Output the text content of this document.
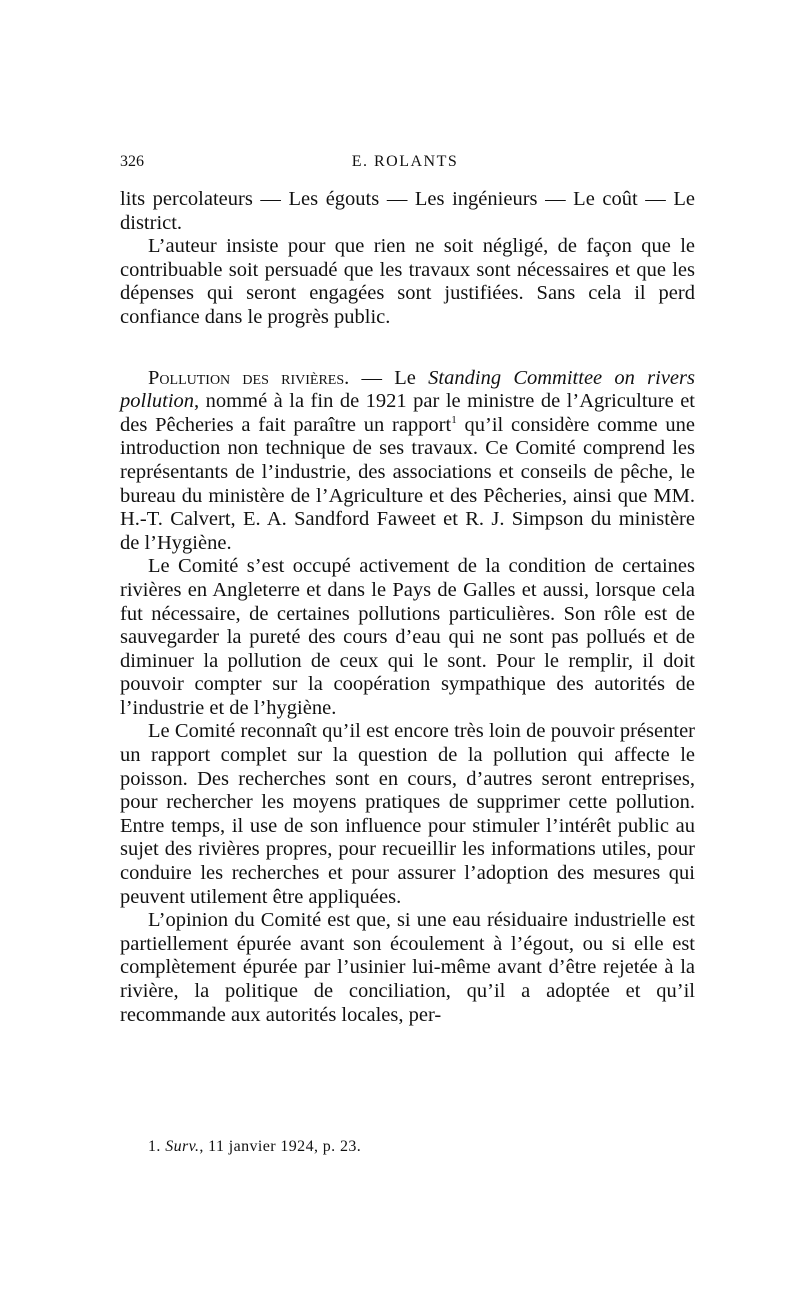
326	E. ROLANTS

lits percolateurs — Les égouts — Les ingénieurs — Le coût — Le district.

L’auteur insiste pour que rien ne soit négligé, de façon que le contribuable soit persuadé que les travaux sont nécessaires et que les dépenses qui seront engagées sont justifiées. Sans cela il perd confiance dans le progrès public.

Pollution des rivières. — Le Standing Committee on rivers pollution, nommé à la fin de 1921 par le ministre de l’Agriculture et des Pêcheries a fait paraître un rapport$^1$ qu’il considère comme une introduction non technique de ses travaux. Ce Comité comprend les représentants de l’industrie, des associations et conseils de pêche, le bureau du ministère de l’Agriculture et des Pêcheries, ainsi que MM. H.-T. Calvert, E. A. Sandford Faweet et R. J. Simpson du ministère de l’Hygiène.

Le Comité s’est occupé activement de la condition de certaines rivières en Angleterre et dans le Pays de Galles et aussi, lorsque cela fut nécessaire, de certaines pollutions particulières. Son rôle est de sauvegarder la pureté des cours d’eau qui ne sont pas pollués et de diminuer la pollution de ceux qui le sont. Pour le remplir, il doit pouvoir compter sur la coopération sympathique des autorités de l’industrie et de l’hygiène.

Le Comité reconnaît qu’il est encore très loin de pouvoir présenter un rapport complet sur la question de la pollution qui affecte le poisson. Des recherches sont en cours, d’autres seront entreprises, pour rechercher les moyens pratiques de supprimer cette pollution. Entre temps, il use de son influence pour stimuler l’intérêt public au sujet des rivières propres, pour recueillir les informations utiles, pour conduire les recherches et pour assurer l’adoption des mesures qui peuvent utilement être appliquées.

L’opinion du Comité est que, si une eau résiduaire industrielle est partiellement épurée avant son écoulement à l’égout, ou si elle est complètement épurée par l’usinier lui-même avant d’être rejetée à la rivière, la politique de conciliation, qu’il a adoptée et qu’il recommande aux autorités locales, per-

1. Surv., 11 janvier 1924, p. 23.
